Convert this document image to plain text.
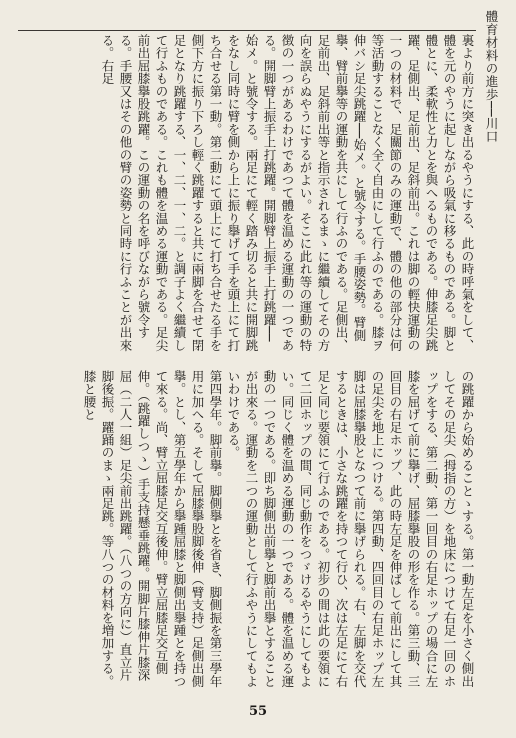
體育材料の進歩──川口
裏より前方に突き出るやうにする、此の時呼氣をして、體を元のやうに起しながら吸氣に移るものである。脚と體とに、柔軟性と力とを與へるものである。伸膝足尖跳躍、足側出、足前出、足斜前出。これは脚の輕快運動の一つの材料で、足關節のみの運動で、體の他の部分は何等活動することなく全く自由にして行ふのである。膝ヲ伸バシ足尖跳躍──始メ。と號令する。手腰姿勢。臂側擧、臂前擧等の運動を共にして行ふのである。足側出、足前出、足斜前出等と指示されるまゝに繼續してその方向を誤らぬやうにするがよい。そこに此れ等の運動の特徴の一つがあるわけであつて體を温める運動の一つである。開脚臂上振手上打跳躍。開脚臂上振手上打跳躍──始メ。と號令する。兩足にて輕く踏み切ると共に開脚跳をなし同時に臂を側から上に振り擧げて手を頭上にて打ち合せる第一動。第二動にて頭上にて打ち合せたる手を側下方に振り下ろし輕く跳躍すると共に兩脚を合せて閉足となり跳躍する、一、二、一、二。と調子よく繼續して行ふものである。これも體を温める運動である。足尖前出屈膝擧股跳躍。この運動の名を呼びながら號令する。手腰又はその他の臂の姿勢と同時に行ふことが出來る。右足
の跳躍から始めることゝする。第一動左足を小さく側出してその足尖（拇指の方）を地床につけて右足一回のホップをする、第二動、第一回目の右足ホップの場合に左膝を屈げて前に擧げ、屈膝擧股の形を作る。第三動、三回目の右足ホップ、此の時左足を伸ばして前出にして其の足尖を地上につける。第四動、四回目の右足ホップ左脚は屈膝擧股となつて前に擧げられる。右、左脚を交代するときは、小さな跳躍を持つて行ひ、次は左足にて右足と同じ要領にて行ふのである。初步の間は此の要領にて二回ホップの間、同じ動作をつゞけるやうにしてもよい。同じく體を温める運動の一つである。體を温める運動の一つである。即ち脚側出前擧と脚前出擧とすることが出來る。運動を二つの運動として行ふやうにしてもよいわけである。
第四學年。脚前擧。脚側擧とを省き、脚側振を第三學年用に加へる。そして屈膝擧股脚後伸（臂支持）足側出側擧。とし、第五學年から擧踵屈膝と脚側出擧踵とを持つて來る。尚、臂立屈膝足交互後伸。臂立屈膝足交互側伸。（跳躍しつゝ）手支持懸垂跳躍。開脚片膝伸片膝深屈（二人一組）足尖前出跳躍。（八つの方向に）直立片脚後振。躍踊のまゝ兩足跳。等八つの材料を増加する。膝と腰と
55
